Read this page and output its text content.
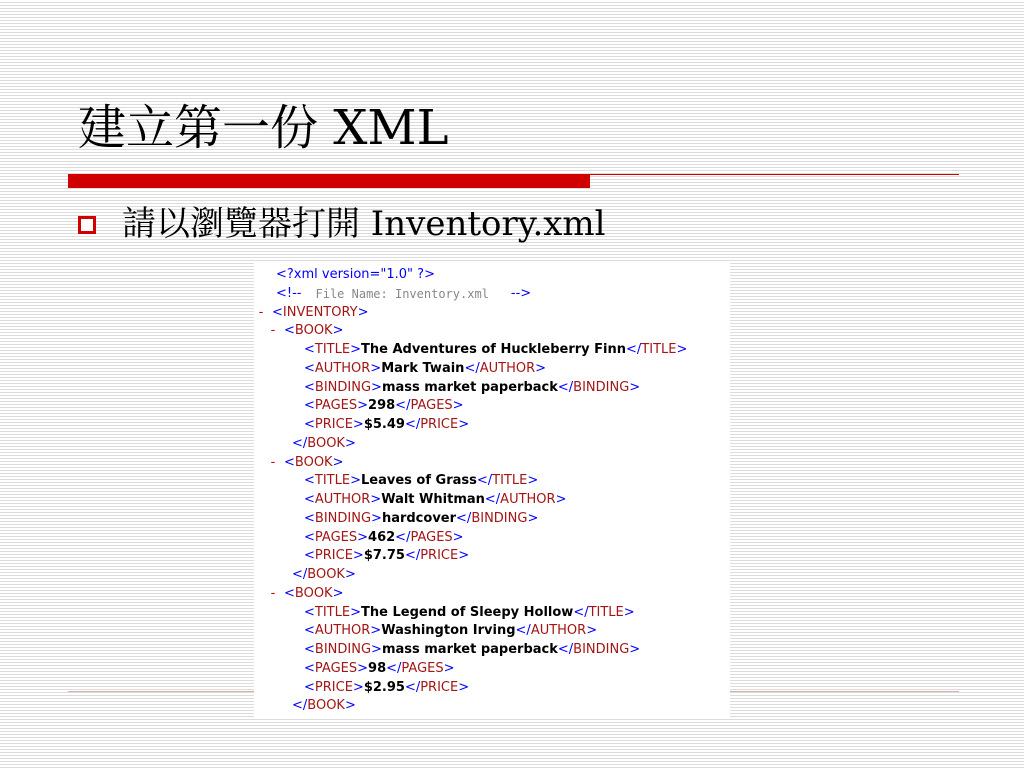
建立第一份 XML
請以瀏覽器打開 Inventory.xml
<?xml version="1.0" ?>
<!--	File Name: Inventory.xml	-->
- <INVENTORY>
- <BOOK>
<TITLE>The Adventures of Huckleberry Finn</TITLE>
<AUTHOR>Mark Twain</AUTHOR>
<BINDING>mass market paperback</BINDING>
<PAGES>298</PAGES>
<PRICE>$5.49</PRICE>
</BOOK>
- <BOOK>
<TITLE>Leaves of Grass</TITLE>
<AUTHOR>Walt Whitman</AUTHOR>
<BINDING>hardcover</BINDING>
<PAGES>462</PAGES>
<PRICE>$7.75</PRICE>
</BOOK>
- <BOOK>
<TITLE>The Legend of Sleepy Hollow</TITLE>
<AUTHOR>Washington Irving</AUTHOR>
<BINDING>mass market paperback</BINDING>
<PAGES>98</PAGES>
<PRICE>$2.95</PRICE>
</BOOK>
